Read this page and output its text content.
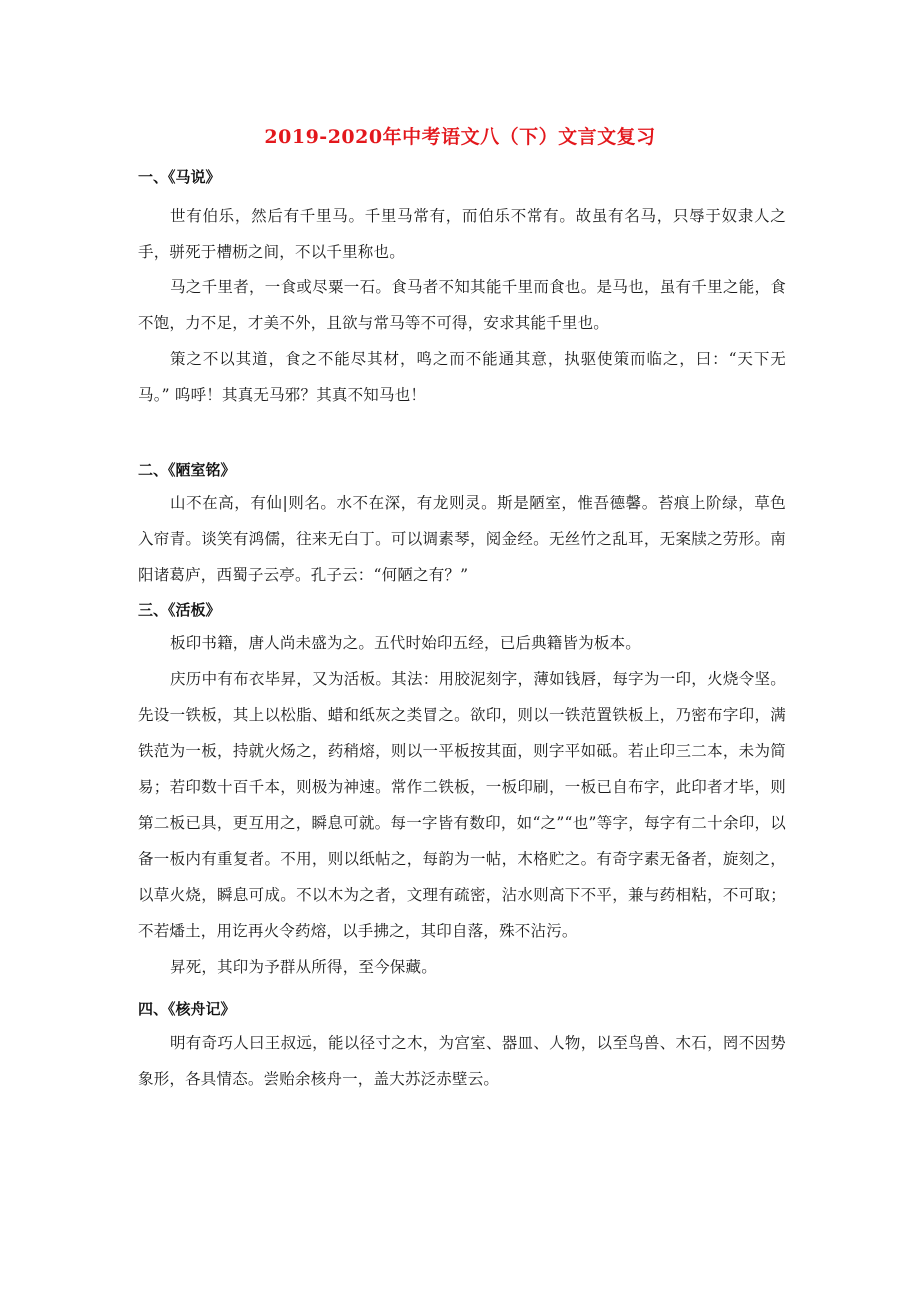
2019-2020年中考语文八（下）文言文复习
一、《马说》
世有伯乐，然后有千里马。千里马常有，而伯乐不常有。故虽有名马，只辱于奴隶人之手，骈死于槽枥之间，不以千里称也。
马之千里者，一食或尽粟一石。食马者不知其能千里而食也。是马也，虽有千里之能，食不饱，力不足，才美不外，且欲与常马等不可得，安求其能千里也。
策之不以其道，食之不能尽其材，鸣之而不能通其意，执驱使策而临之，曰：“天下无马。” 呜呼！其真无马邪？其真不知马也！
二、《陋室铭》
山不在高，有仙|则名。水不在深，有龙则灵。斯是陋室，惟吾德馨。苔痕上阶绿，草色入帘青。谈笑有鸿儒，往来无白丁。可以调素琴，阅金经。无丝竹之乱耳，无案牍之劳形。南阳诸葛庐，西蜀子云亭。孔子云：“何陋之有？”
三、《活板》
板印书籍，唐人尚未盛为之。五代时始印五经，已后典籍皆为板本。
庆历中有布衣毕昇，又为活板。其法：用胶泥刻字，薄如钱唇，每字为一印，火烧令坚。先设一铁板，其上以松脂、蜡和纸灰之类冒之。欲印，则以一铁范置铁板上，乃密布字印，满铁范为一板，持就火炀之，药稍熔，则以一平板按其面，则字平如砥。若止印三二本，未为简易；若印数十百千本，则极为神速。常作二铁板，一板印刷，一板已自布字，此印者才毕，则第二板已具，更互用之，瞬息可就。每一字皆有数印，如“之”“也”等字，每字有二十余印，以备一板内有重复者。不用，则以纸帖之，每韵为一帖，木格贮之。有奇字素无备者，旋刻之，以草火烧，瞬息可成。不以木为之者，文理有疏密，沾水则高下不平，兼与药相粘，不可取；不若燔土，用讫再火令药熔，以手拂之，其印自落，殊不沾污。
昇死，其印为予群从所得，至今保藏。
四、《核舟记》
明有奇巧人曰王叔远，能以径寸之木，为宫室、器皿、人物，以至鸟兽、木石，罔不因势象形，各具情态。尝贻余核舟一，盖大苏泛赤壁云。
